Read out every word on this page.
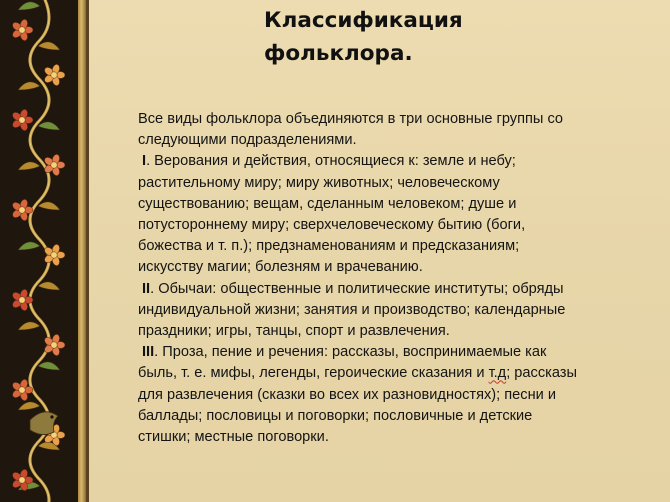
Классификация
фольклора.

Все виды фольклора объединяются в три основные группы со следующими подразделениями.

I. Верования и действия, относящиеся к: земле и небу; растительному миру; миру животных; человеческому существованию; вещам, сделанным человеком; душе и потустороннему миру; сверхчеловеческому бытию (боги, божества и т. п.); предзнаменованиям и предсказаниям; искусству магии; болезням и врачеванию.

II. Обычаи: общественные и политические институты; обряды индивидуальной жизни; занятия и производство; календарные праздники; игры, танцы, спорт и развлечения.

III. Проза, пение и речения: рассказы, воспринимаемые как быль, т. е. мифы, легенды, героические сказания и т.д; рассказы для развлечения (сказки во всех их разновидностях); песни и баллады; пословицы и поговорки; пословичные и детские стишки; местные поговорки.
